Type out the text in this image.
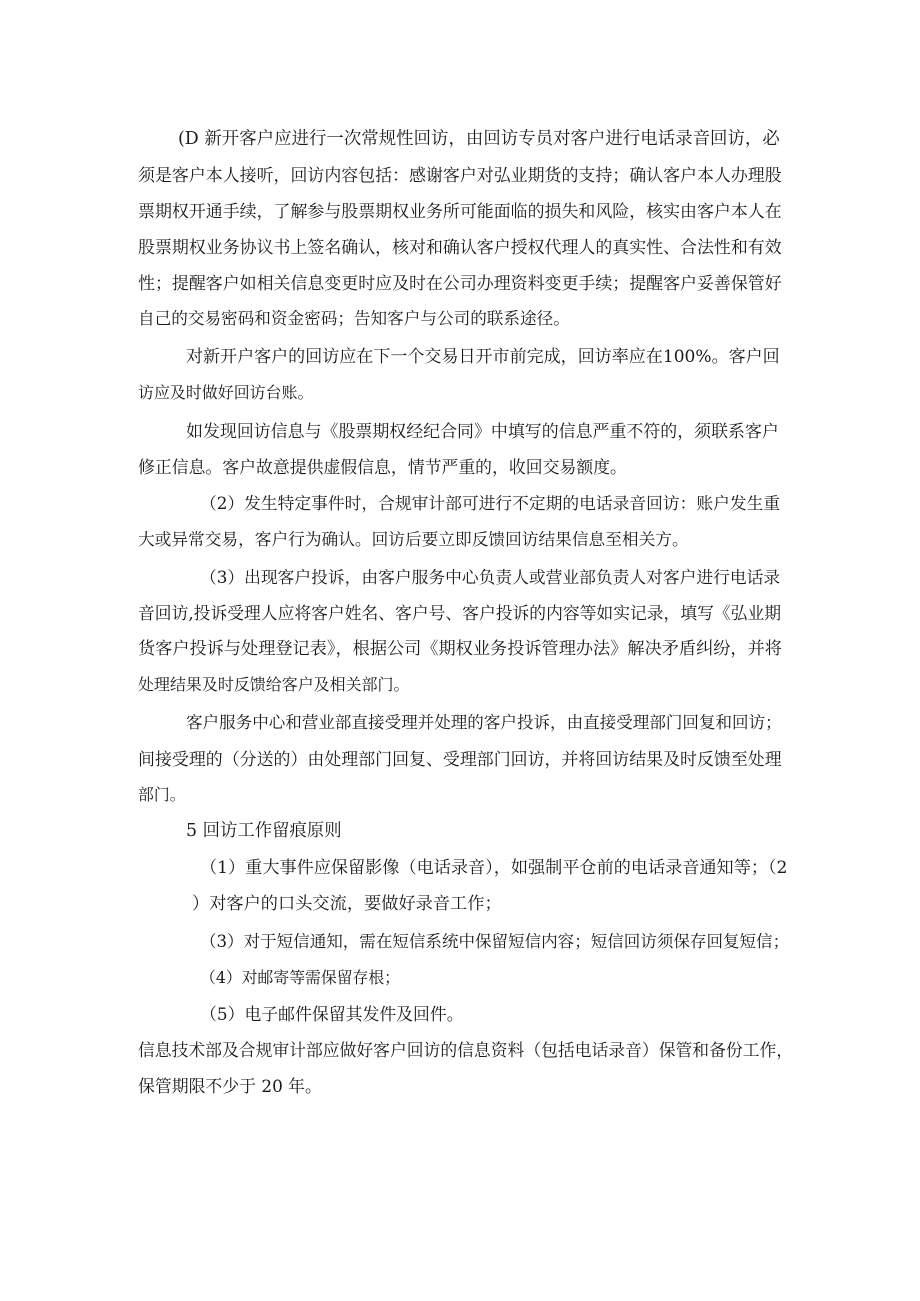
(D 新开客户应进行一次常规性回访，由回访专员对客户进行电话录音回访，必
须是客户本人接听，回访内容包括：感谢客户对弘业期货的支持；确认客户本人办理股
票期权开通手续，了解参与股票期权业务所可能面临的损失和风险，核实由客户本人在
股票期权业务协议书上签名确认，核对和确认客户授权代理人的真实性、合法性和有效
性；提醒客户如相关信息变更时应及时在公司办理资料变更手续；提醒客户妥善保管好
自己的交易密码和资金密码；告知客户与公司的联系途径。
对新开户客户的回访应在下一个交易日开市前完成，回访率应在100%。客户回
访应及时做好回访台账。
如发现回访信息与《股票期权经纪合同》中填写的信息严重不符的，须联系客户
修正信息。客户故意提供虚假信息，情节严重的，收回交易额度。
（2）发生特定事件时，合规审计部可进行不定期的电话录音回访：账户发生重
大或异常交易，客户行为确认。回访后要立即反馈回访结果信息至相关方。
（3）出现客户投诉，由客户服务中心负责人或营业部负责人对客户进行电话录
音回访,投诉受理人应将客户姓名、客户号、客户投诉的内容等如实记录，填写《弘业期
货客户投诉与处理登记表》，根据公司《期权业务投诉管理办法》解决矛盾纠纷，并将
处理结果及时反馈给客户及相关部门。
客户服务中心和营业部直接受理并处理的客户投诉，由直接受理部门回复和回访；
间接受理的（分送的）由处理部门回复、受理部门回访，并将回访结果及时反馈至处理
部门。
5 回访工作留痕原则
（1）重大事件应保留影像（电话录音），如强制平仓前的电话录音通知等；（2
）对客户的口头交流，要做好录音工作；
（3）对于短信通知，需在短信系统中保留短信内容；短信回访须保存回复短信；
（4）对邮寄等需保留存根；
（5）电子邮件保留其发件及回件。
信息技术部及合规审计部应做好客户回访的信息资料（包括电话录音）保管和备份工作，
保管期限不少于 20 年。
